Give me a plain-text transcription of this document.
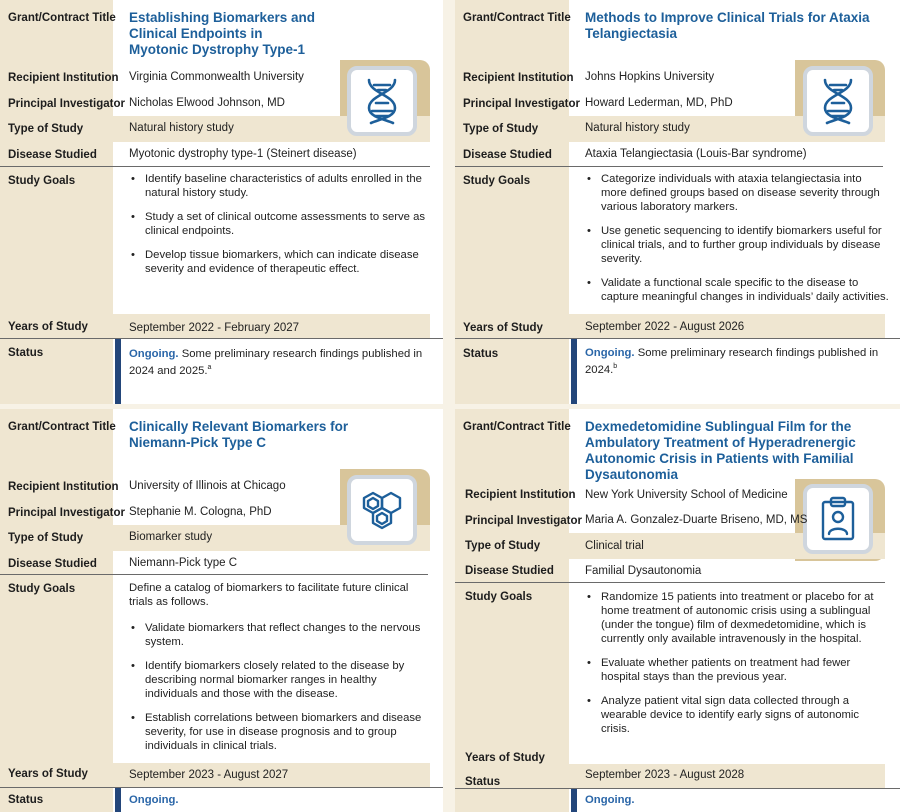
Grant/Contract Title Establishing Biomarkers and
Clinical Endpoints in
Myotonic Dystrophy Type-1
Recipient Institution Virginia Commonwealth University
Principal Investigator Nicholas Elwood Johnson, MD
Type of Study	Natural history study
Disease Studied	Myotonic dystrophy type-1 (Steinert disease)
Study Goals	• Identify baseline characteristics of adults enrolled in the
natural history study.
• Study a set of clinical outcome assessments to serve as
clinical endpoints.
• Develop tissue biomarkers, which can indicate disease
severity and evidence of therapeutic effect.
Years of Study	September 2022 - February 2027
Status	Ongoing. Some preliminary research findings published in
2024 and 2025.$^a$
Grant/Contract Title Methods to Improve Clinical Trials for Ataxia
Telangiectasia
Recipient Institution Johns Hopkins University
Principal Investigator Howard Lederman, MD, PhD
Type of Study	Natural history study
Disease Studied	Ataxia Telangiectasia (Louis-Bar syndrome)
Study Goals	• Categorize individuals with ataxia telangiectasia into
more defined groups based on disease severity through
various laboratory markers.
• Use genetic sequencing to identify biomarkers useful for
clinical trials, and to further group individuals by disease
severity.
• Validate a functional scale specific to the disease to
capture meaningful changes in individuals’ daily activities.
Years of Study	September 2022 - August 2026
Status	Ongoing. Some preliminary research findings published in
2024.$^b$
Grant/Contract Title Clinically Relevant Biomarkers for
Niemann-Pick Type C
Recipient Institution University of Illinois at Chicago
Principal Investigator Stephanie M. Cologna, PhD
Type of Study	Biomarker study
Disease Studied	Niemann-Pick type C
Study Goals	Define a catalog of biomarkers to facilitate future clinical
trials as follows.
• Validate biomarkers that reflect changes to the nervous
system.
• Identify biomarkers closely related to the disease by
describing normal biomarker ranges in healthy
individuals and those with the disease.
• Establish correlations between biomarkers and disease
severity, for use in disease prognosis and to group
individuals in clinical trials.
Years of Study	September 2023 - August 2027
Status	Ongoing.
Grant/Contract Title Dexmedetomidine Sublingual Film for the
Ambulatory Treatment of Hyperadrenergic
Autonomic Crisis in Patients with Familial
Dysautonomia
Recipient Institution New York University School of Medicine
Principal Investigator Maria A. Gonzalez-Duarte Briseno, MD, MS
Type of Study	Clinical trial
Disease Studied	Familial Dysautonomia
Study Goals	• Randomize 15 patients into treatment or placebo for at
home treatment of autonomic crisis using a sublingual
(under the tongue) film of dexmedetomidine, which is
currently only available intravenously in the hospital.
• Evaluate whether patients on treatment had fewer
hospital stays than the previous year.
• Analyze patient vital sign data collected through a
wearable device to identify early signs of autonomic
crisis.
Years of Study
September 2023 - August 2028
Status
Ongoing.
